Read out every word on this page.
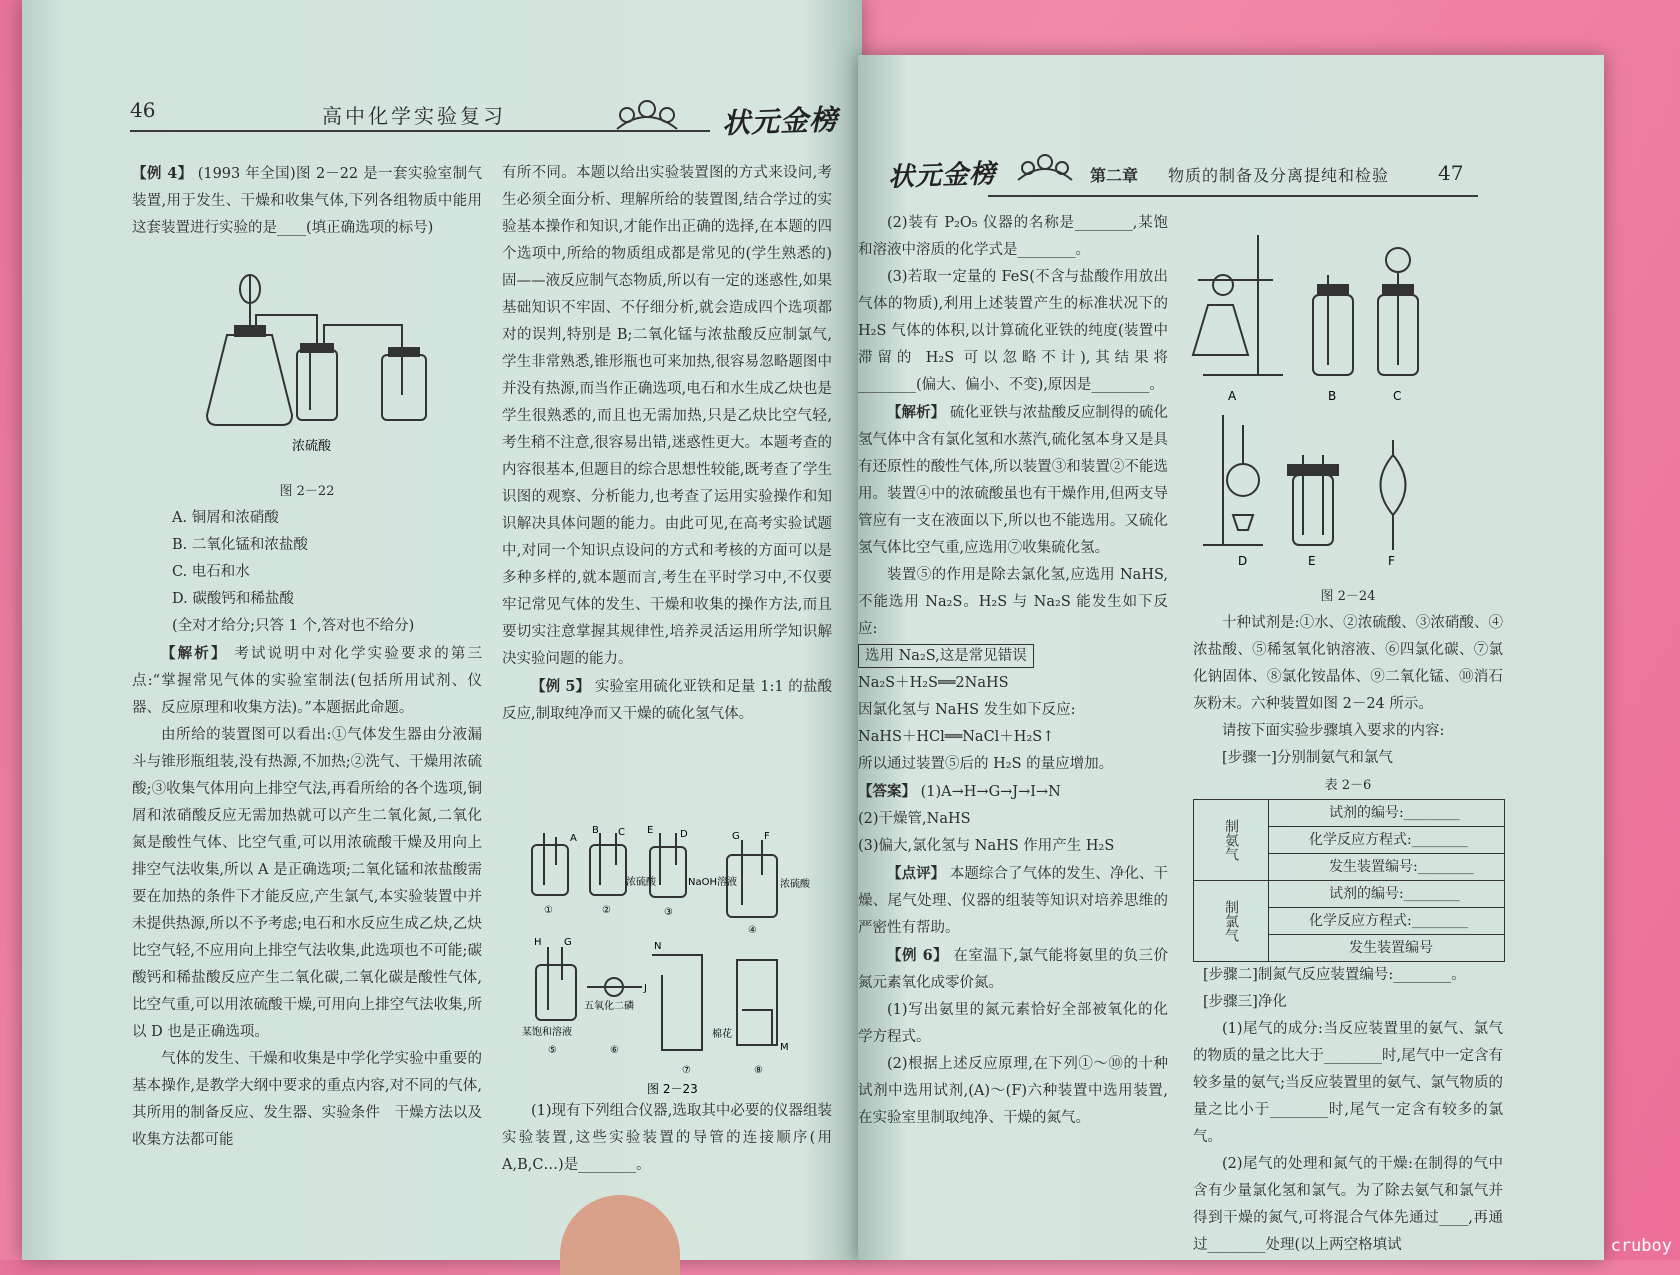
46	高中化学实验复习	状元金榜

【例 4】 (1993 年全国)图 2－22 是一套实验室制气装置,用于发生、干燥和收集气体,下列各组物质中能用这套装置进行实验的是____(填正确选项的标号)

浓硫酸
图 2－22
A. 铜屑和浓硝酸
B. 二氧化锰和浓盐酸
C. 电石和水
D. 碳酸钙和稀盐酸
(全对才给分;只答 1 个,答对也不给分)

【解析】 考试说明中对化学实验要求的第三点:“掌握常见气体的实验室制法(包括所用试剂、仪器、反应原理和收集方法)。”本题据此命题。

由所给的装置图可以看出:①气体发生器由分液漏斗与锥形瓶组装,没有热源,不加热;②洗气、干燥用浓硫酸;③收集气体用向上排空气法,再看所给的各个选项,铜屑和浓硝酸反应无需加热就可以产生二氧化氮,二氧化氮是酸性气体、比空气重,可以用浓硫酸干燥及用向上排空气法收集,所以 A 是正确选项;二氧化锰和浓盐酸需要在加热的条件下才能反应,产生氯气,本实验装置中并未提供热源,所以不予考虑;电石和水反应生成乙炔,乙炔比空气轻,不应用向上排空气法收集,此选项也不可能;碳酸钙和稀盐酸反应产生二氧化碳,二氧化碳是酸性气体,比空气重,可以用浓硫酸干燥,可用向上排空气法收集,所以 D 也是正确选项。

气体的发生、干燥和收集是中学化学实验中重要的基本操作,是教学大纲中要求的重点内容,对不同的气体,其所用的制备反应、发生器、实验条件　干燥方法以及收集方法都可能

有所不同。本题以给出实验装置图的方式来设问,考生必须全面分析、理解所给的装置图,结合学过的实验基本操作和知识,才能作出正确的选择,在本题的四个选项中,所给的物质组成都是常见的(学生熟悉的)固——液反应制气态物质,所以有一定的迷惑性,如果基础知识不牢固、不仔细分析,就会造成四个选项都对的误判,特别是 B;二氧化锰与浓盐酸反应制氯气,学生非常熟悉,锥形瓶也可来加热,很容易忽略题图中并没有热源,而当作正确选项,电石和水生成乙炔也是学生很熟悉的,而且也无需加热,只是乙炔比空气轻,考生稍不注意,很容易出错,迷惑性更大。本题考查的内容很基本,但题目的综合思想性较能,既考查了学生识图的观察、分析能力,也考查了运用实验操作和知识解决具体问题的能力。由此可见,在高考实验试题中,对同一个知识点设问的方式和考核的方面可以是多种多样的,就本题而言,考生在平时学习中,不仅要牢记常见气体的发生、干燥和收集的操作方法,而且要切实注意掌握其规律性,培养灵活运用所学知识解决实验问题的能力。

【例 5】 实验室用硫化亚铁和足量 1:1 的盐酸反应,制取纯净而又干燥的硫化氢气体。

A
B C E	D	G F
浓硫酸	NaOH溶液	浓硫酸
①	②	③
④
H G
J
N
M
某饱和溶液
五氧化二磷
棉花
⑤	⑥
⑦	⑧
图 2－23

(1)现有下列组合仪器,选取其中必要的仪器组装实验装置,这些实验装置的导管的连接顺序(用 A,B,C…)是________。

状元金榜	第二章 物质的制备及分离提纯和检验 47

(2)装有 P₂O₅ 仪器的名称是________,某饱和溶液中溶质的化学式是________。

(3)若取一定量的 FeS(不含与盐酸作用放出气体的物质),利用上述装置产生的标准状况下的 H₂S 气体的体积,以计算硫化亚铁的纯度(装置中滞留的 H₂S 可以忽略不计),其结果将________(偏大、偏小、不变),原因是________。

【解析】 硫化亚铁与浓盐酸反应制得的硫化氢气体中含有氯化氢和水蒸汽,硫化氢本身又是具有还原性的酸性气体,所以装置③和装置②不能选用。装置④中的浓硫酸虽也有干燥作用,但两支导管应有一支在液面以下,所以也不能选用。又硫化氢气体比空气重,应选用⑦收集硫化氢。

装置⑤的作用是除去氯化氢,应选用 NaHS,不能选用 Na₂S。H₂S 与 Na₂S 能发生如下反应:

选用 Na₂S,这是常见错误
Na₂S＋H₂S══2NaHS
因氯化氢与 NaHS 发生如下反应:
NaHS＋HCl══NaCl＋H₂S↑
所以通过装置⑤后的 H₂S 的量应增加。
【答案】 (1)A→H→G→J→I→N
(2)干燥管,NaHS
(3)偏大,氯化氢与 NaHS 作用产生 H₂S

【点评】 本题综合了气体的发生、净化、干燥、尾气处理、仪器的组装等知识对培养思维的严密性有帮助。

【例 6】 在室温下,氯气能将氨里的负三价氮元素氧化成零价氮。

(1)写出氨里的氮元素恰好全部被氧化的化学方程式。

(2)根据上述反应原理,在下列①～⑩的十种试剂中选用试剂,(A)～(F)六种装置中选用装置,在实验室里制取纯净、干燥的氮气。

A	B	C
D	E	F
图 2－24

十种试剂是:①水、②浓硫酸、③浓硝酸、④浓盐酸、⑤稀氢氧化钠溶液、⑥四氯化碳、⑦氯化钠固体、⑧氯化铵晶体、⑨二氧化锰、⑩消石灰粉末。六种装置如图 2－24 所示。

请按下面实验步骤填入要求的内容:

[步骤一]分别制氨气和氯气

表 2－6
制氨气	试剂的编号:________
	化学反应方程式:________
	发生装置编号:________
制氯气	试剂的编号:________
	化学反应方程式:________
	发生装置编号

[步骤二]制氮气反应装置编号:________。

[步骤三]净化

(1)尾气的成分:当反应装置里的氨气、氯气的物质的量之比大于________时,尾气中一定含有较多量的氨气;当反应装置里的氨气、氯气物质的量之比小于________时,尾气一定含有较多的氯气。

(2)尾气的处理和氮气的干燥:在制得的气中含有少量氯化氢和氯气。为了除去氨气和氯气并得到干燥的氮气,可将混合气体先通过____,再通过________处理(以上两空格填试	cruboy
